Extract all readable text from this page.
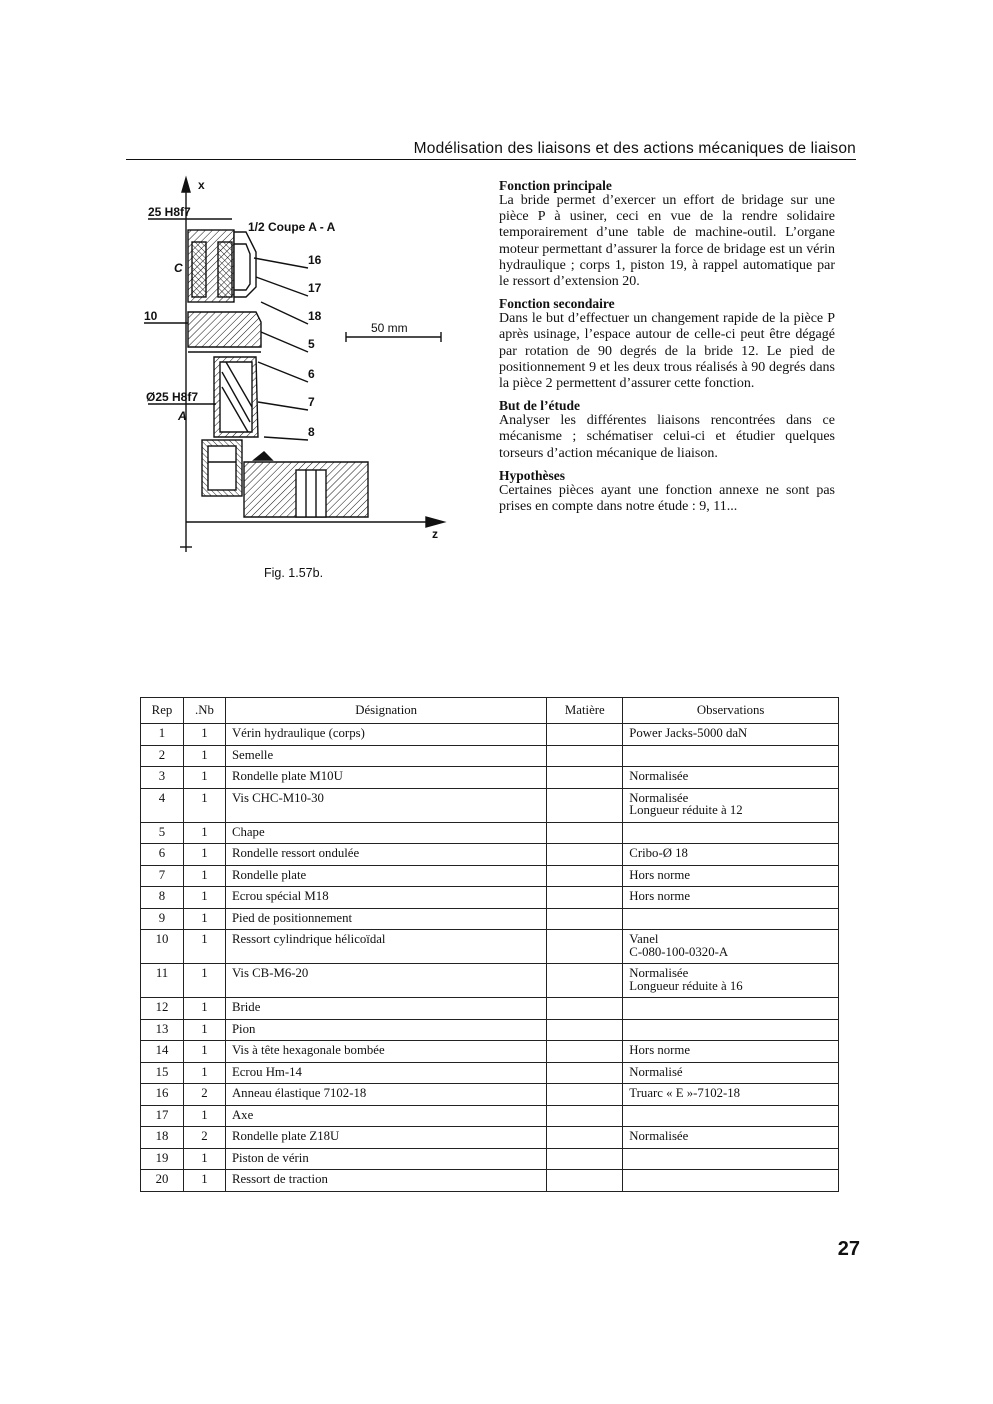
Modélisation des liaisons et des actions mécaniques de liaison
x
z
25 H8f7
1/2 Coupe A - A
C
10
16
17
18
50 mm
5
6
Ø25 H8f7	7
A
8
Fig. 1.57b.
Fonction principale

La bride permet d’exercer un effort de bridage sur une pièce P à usiner, ceci en vue de la rendre solidaire temporairement d’une table de machine-outil. L’organe moteur permettant d’assurer la force de bridage est un vérin hydraulique ; corps 1, piston 19, à rappel automatique par le ressort d’extension 20.

Fonction secondaire

Dans le but d’effectuer un changement rapide de la pièce P après usinage, l’espace autour de celle-ci peut être dégagé par rotation de 90 degrés de la bride 12. Le pied de positionnement 9 et les deux trous réalisés à 90 degrés dans la pièce 2 permettent d’assurer cette fonction.

But de l’étude

Analyser les différentes liaisons rencontrées dans ce mécanisme ; schématiser celui-ci et étudier quelques torseurs d’action mécanique de liaison.

Hypothèses

Certaines pièces ayant une fonction annexe ne sont pas prises en compte dans notre étude : 9, 11...

Rep	.Nb	Désignation	Matière	Observations
1	1	Vérin hydraulique (corps)		Power Jacks-5000 daN
2	1	Semelle		
3	1	Rondelle plate M10U		Normalisée
4	1	Vis CHC-M10-30		Normalisée
Longueur réduite à 12

5	1	Chape		
6	1	Rondelle ressort ondulée		Cribo-Ø 18
7	1	Rondelle plate		Hors norme
8	1	Ecrou spécial M18		Hors norme
9	1	Pied de positionnement		
10	1	Ressort cylindrique hélicoïdal		Vanel
C-080-100-0320-A

11	1	Vis CB-M6-20		Normalisée
Longueur réduite à 16

12	1	Bride		
13	1	Pion		
14	1	Vis à tête hexagonale bombée		Hors norme
15	1	Ecrou Hm-14		Normalisé
16	2	Anneau élastique 7102-18		Truarc « E »-7102-18
17	1	Axe		
18	2	Rondelle plate Z18U		Normalisée
19	1	Piston de vérin		
20	1	Ressort de traction		
27
